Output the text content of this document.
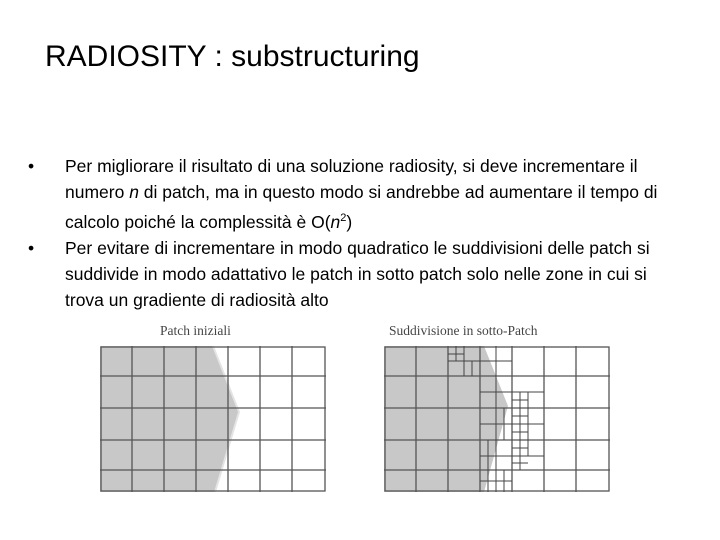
RADIOSITY : substructuring
•	Per migliorare il risultato di una soluzione radiosity, si deve incrementare il numero n di patch, ma in questo modo si andrebbe ad aumentare il tempo di calcolo poiché la complessità è $O(n^2)$
•	Per evitare di incrementare in modo quadratico le suddivisioni delle patch si suddivide in modo adattativo le patch in sotto patch solo nelle zone in cui si trova un gradiente di radiosità alto
Patch iniziali	Suddivisione in sotto-Patch
